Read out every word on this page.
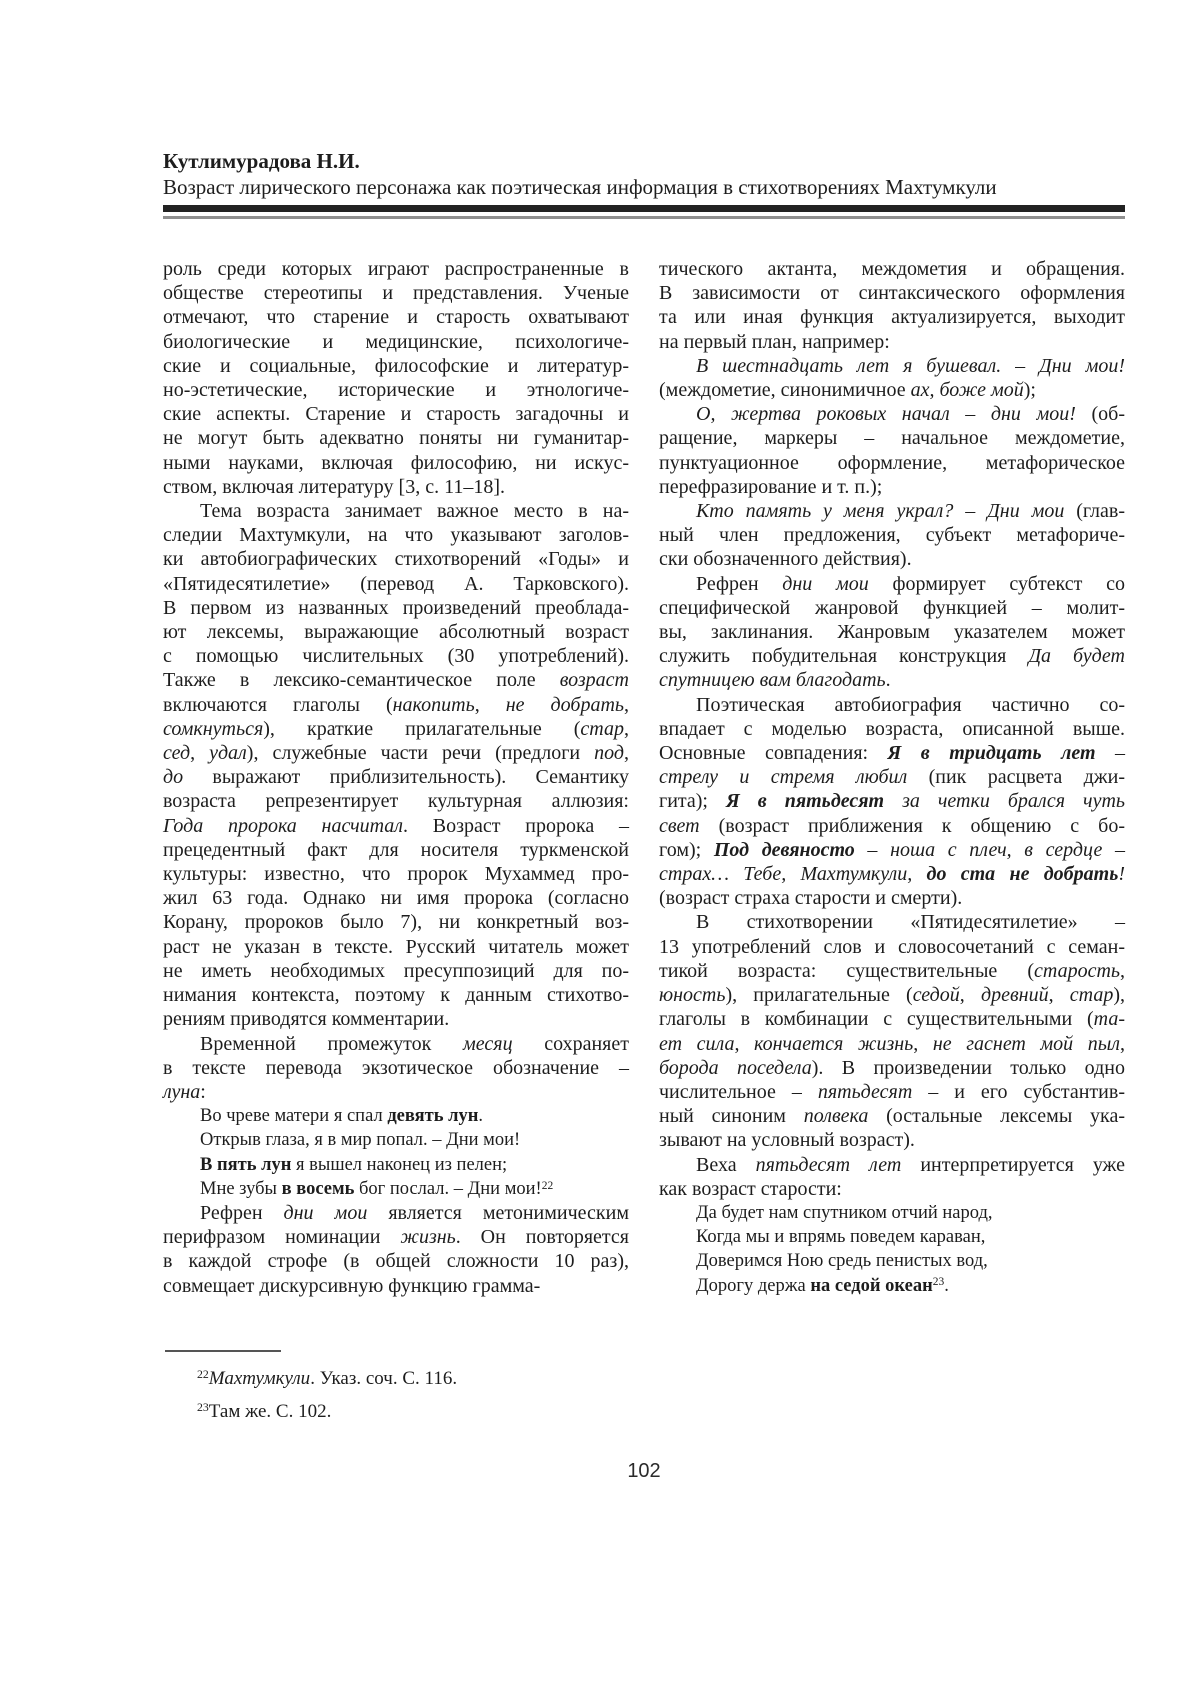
Кутлимурадова Н.И.
Возраст лирического персонажа как поэтическая информация в стихотворениях Махтумкули
роль среди которых играют распространенные в
обществе стереотипы и представления. Ученые
отмечают, что старение и старость охватывают
биологические и медицинские, психологиче-
ские и социальные, философские и литератур-
но-эстетические, исторические и этнологиче-
ские аспекты. Старение и старость загадочны и
не могут быть адекватно поняты ни гуманитар-
ными науками, включая философию, ни искус-
ством, включая литературу [3, с. 11–18].
Тема возраста занимает важное место в на-
следии Махтумкули, на что указывают заголов-
ки автобиографических стихотворений «Годы» и
«Пятидесятилетие» (перевод А. Тарковского).
В первом из названных произведений преоблада-
ют лексемы, выражающие абсолютный возраст
с помощью числительных (30 употреблений).
Также в лексико-семантическое поле возраст
включаются глаголы (накопить, не добрать,
сомкнуться), краткие прилагательные (стар,
сед, удал), служебные части речи (предлоги под,
до выражают приблизительность). Семантику
возраста репрезентирует культурная аллюзия:
Года пророка насчитал. Возраст пророка –
прецедентный факт для носителя туркменской
культуры: известно, что пророк Мухаммед про-
жил 63 года. Однако ни имя пророка (согласно
Корану, пророков было 7), ни конкретный воз-
раст не указан в тексте. Русский читатель может
не иметь необходимых пресуппозиций для по-
нимания контекста, поэтому к данным стихотво-
рениям приводятся комментарии.
Временной промежуток месяц сохраняет
в тексте перевода экзотическое обозначение –
луна:
Во чреве матери я спал девять лун.
Открыв глаза, я в мир попал. – Дни мои!
В пять лун я вышел наконец из пелен;
Мне зубы в восемь бог послал. – Дни мои!$^{22}$
Рефрен дни мои является метонимическим
перифразом номинации жизнь. Он повторяется
в каждой строфе (в общей сложности 10 раз),
совмещает дискурсивную функцию грамма-
тического актанта, междометия и обращения.
В зависимости от синтаксического оформления
та или иная функция актуализируется, выходит
на первый план, например:
В шестнадцать лет я бушевал. – Дни мои!
(междометие, синонимичное ах, боже мой);
О, жертва роковых начал – дни мои! (об-
ращение, маркеры – начальное междометие,
пунктуационное оформление, метафорическое
перефразирование и т. п.);
Кто память у меня украл? – Дни мои (глав-
ный член предложения, субъект метафориче-
ски обозначенного действия).
Рефрен дни мои формирует субтекст со
специфической жанровой функцией – молит-
вы, заклинания. Жанровым указателем может
служить побудительная конструкция Да будет
спутницею вам благодать.
Поэтическая автобиография частично со-
впадает с моделью возраста, описанной выше.
Основные совпадения: Я в тридцать лет –
стрелу и стремя любил (пик расцвета джи-
гита); Я в пятьдесят за четки брался чуть
свет (возраст приближения к общению с бо-
гом); Под девяносто – ноша с плеч, в сердце –
страх… Тебе, Махтумкули, до ста не добрать!
(возраст страха старости и смерти).
В стихотворении «Пятидесятилетие» –
13 употреблений слов и словосочетаний с семан-
тикой возраста: существительные (старость,
юность), прилагательные (седой, древний, стар),
глаголы в комбинации с существительными (та-
ет сила, кончается жизнь, не гаснет мой пыл,
борода поседела). В произведении только одно
числительное – пятьдесят – и его субстантив-
ный синоним полвека (остальные лексемы ука-
зывают на условный возраст).
Веха пятьдесят лет интерпретируется уже
как возраст старости:
Да будет нам спутником отчий народ,
Когда мы и впрямь поведем караван,
Доверимся Ною средь пенистых вод,
Дорогу держа на седой океан$^{23}$.
$^{22}$Махтумкули. Указ. соч. С. 116.
$^{23}$Там же. С. 102.
102
